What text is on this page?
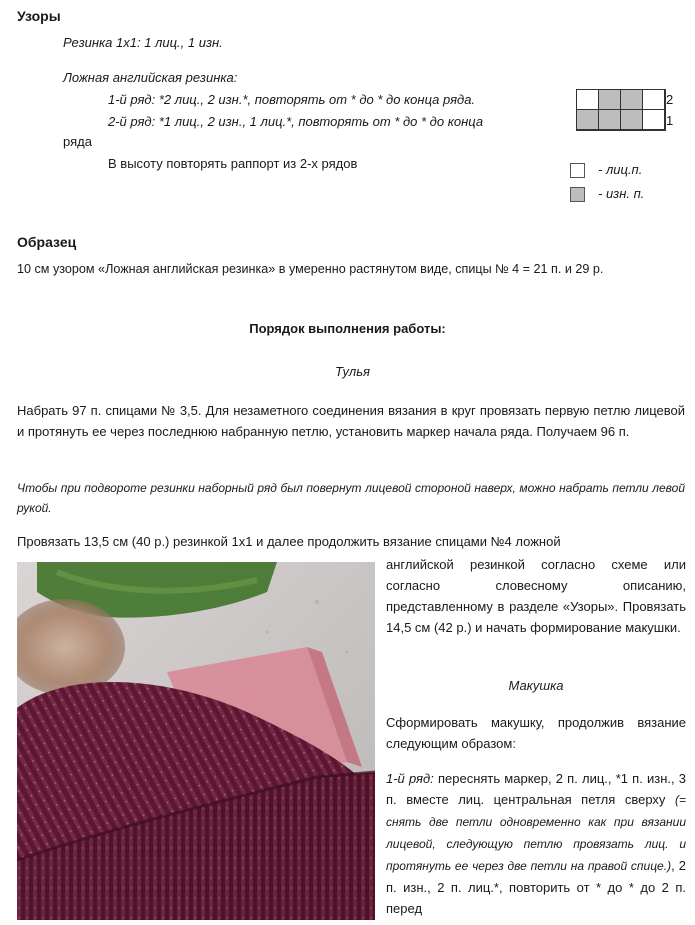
Узоры
Резинка 1х1: 1 лиц., 1 изн.
Ложная английская резинка:
1-й ряд: *2 лиц., 2 изн.*, повторять от * до * до конца ряда.
2-й ряд: *1 лиц., 2 изн., 1 лиц.*, повторять от * до * до конца
ряда
В высоту повторять раппорт из 2-х рядов
2
1
- лиц.п.
- изн. п.
Образец
10 см узором «Ложная английская резинка» в умеренно растянутом виде, спицы № 4 = 21 п. и 29 р.
Порядок выполнения работы:
Тулья
Набрать 97 п. спицами № 3,5. Для незаметного соединения вязания в круг провязать первую петлю лицевой и протянуть ее через последнюю набранную петлю, установить маркер начала ряда. Получаем 96 п.
Чтобы при подвороте резинки наборный ряд был повернут лицевой стороной наверх, можно набрать петли левой рукой.
Провязать 13,5 см (40 р.) резинкой 1х1 и далее продолжить вязание спицами №4 ложной
английской резинкой согласно схеме или согласно словесному описанию, представленному в разделе «Узоры». Провязать 14,5 см (42 р.) и начать формирование макушки.
Макушка
Сформировать макушку, продолжив вязание следующим образом:
1-й ряд: переснять маркер, 2 п. лиц., *1 п. изн., 3 п. вместе лиц. центральная петля сверху (= снять две петли одновременно как при вязании лицевой, следующую петлю провязать лиц. и протянуть ее через две петли на правой спице.), 2 п. изн., 2 п. лиц.*, повторить от * до * до 2 п. перед
